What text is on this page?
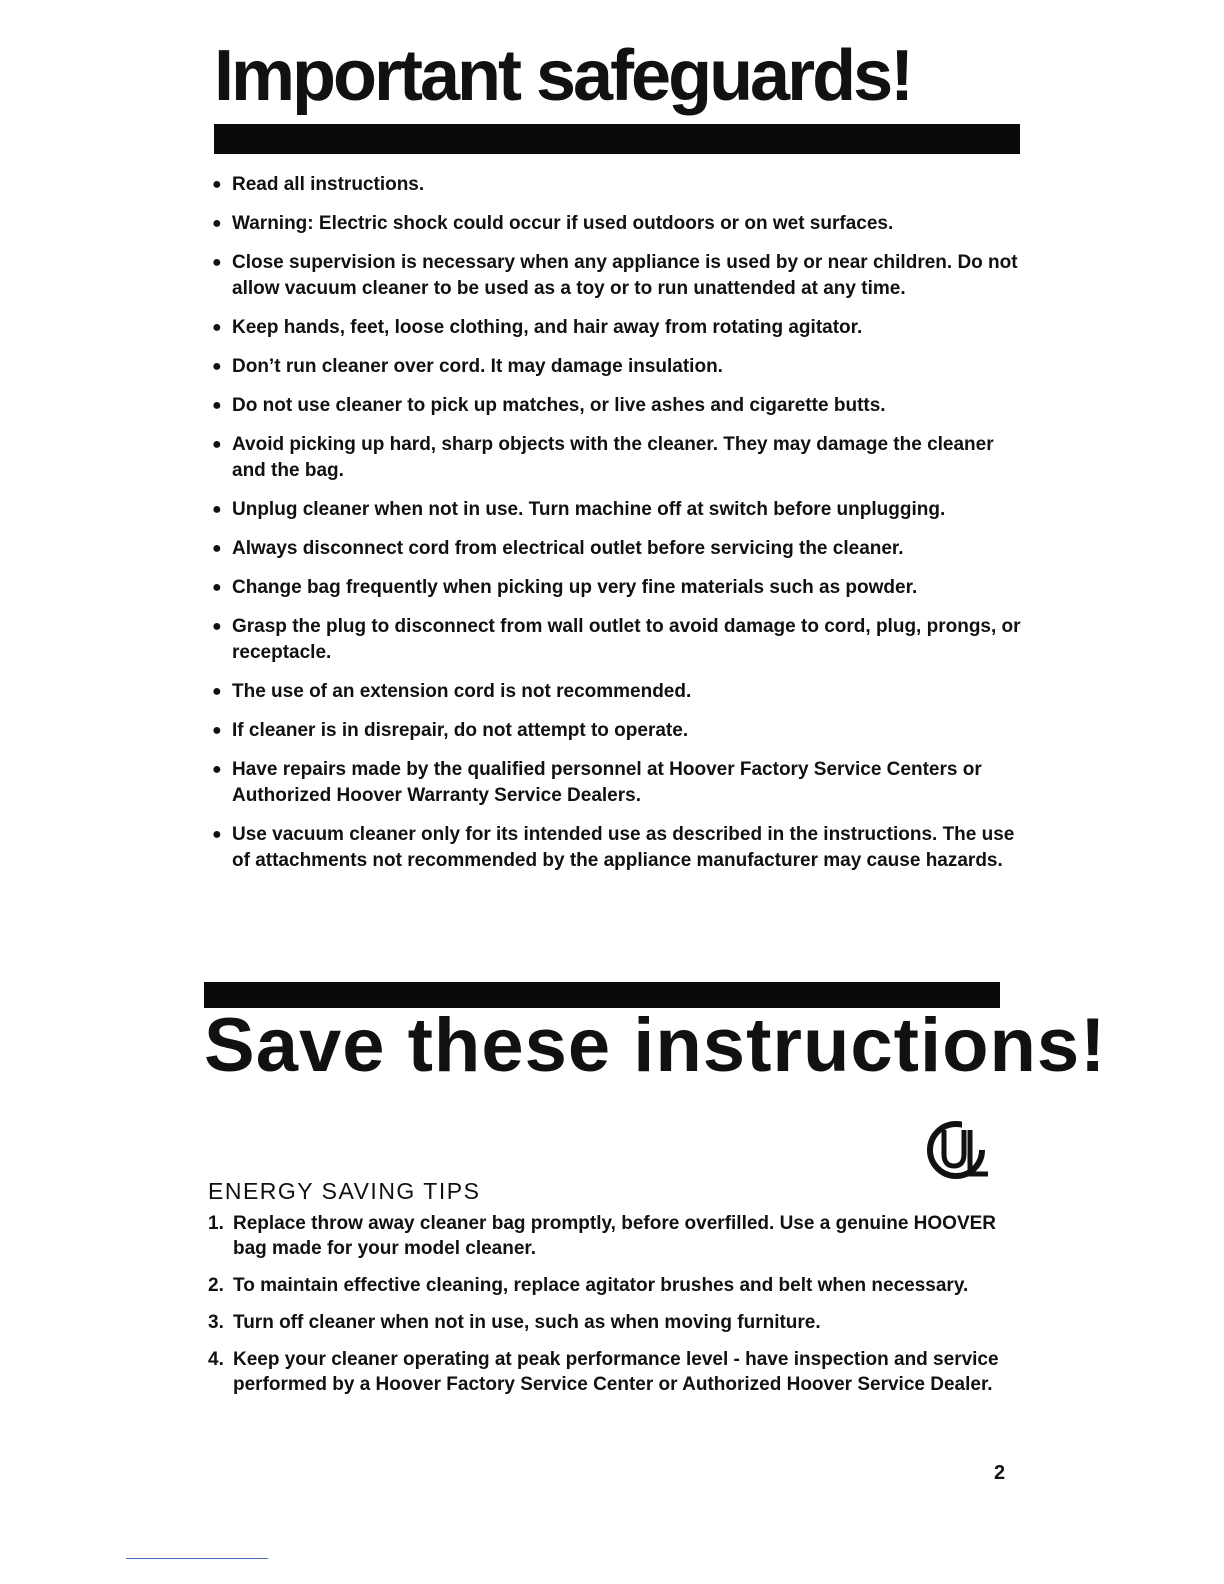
Important safeguards!
● Read all instructions.
● Warning: Electric shock could occur if used outdoors or on wet surfaces.
● Close supervision is necessary when any appliance is used by or near children. Do not allow vacuum cleaner to be used as a toy or to run unattended at any time.
● Keep hands, feet, loose clothing, and hair away from rotating agitator.
● Don’t run cleaner over cord. It may damage insulation.
● Do not use cleaner to pick up matches, or live ashes and cigarette butts.
● Avoid picking up hard, sharp objects with the cleaner. They may damage the cleaner and the bag.
● Unplug cleaner when not in use. Turn machine off at switch before unplugging.
● Always disconnect cord from electrical outlet before servicing the cleaner.
● Change bag frequently when picking up very fine materials such as powder.
● Grasp the plug to disconnect from wall outlet to avoid damage to cord, plug, prongs, or receptacle.
● The use of an extension cord is not recommended.
● If cleaner is in disrepair, do not attempt to operate.
● Have repairs made by the qualified personnel at Hoover Factory Service Centers or Authorized Hoover Warranty Service Dealers.
● Use vacuum cleaner only for its intended use as described in the instructions. The use of attachments not recommended by the appliance manufacturer may cause hazards.
Save these instructions!
ENERGY SAVING TIPS
1. Replace throw away cleaner bag promptly, before overfilled. Use a genuine HOOVER bag made for your model cleaner.
2. To maintain effective cleaning, replace agitator brushes and belt when necessary.
3. Turn off cleaner when not in use, such as when moving furniture.
4. Keep your cleaner operating at peak performance level - have inspection and service performed by a Hoover Factory Service Center or Authorized Hoover Service Dealer.
2
